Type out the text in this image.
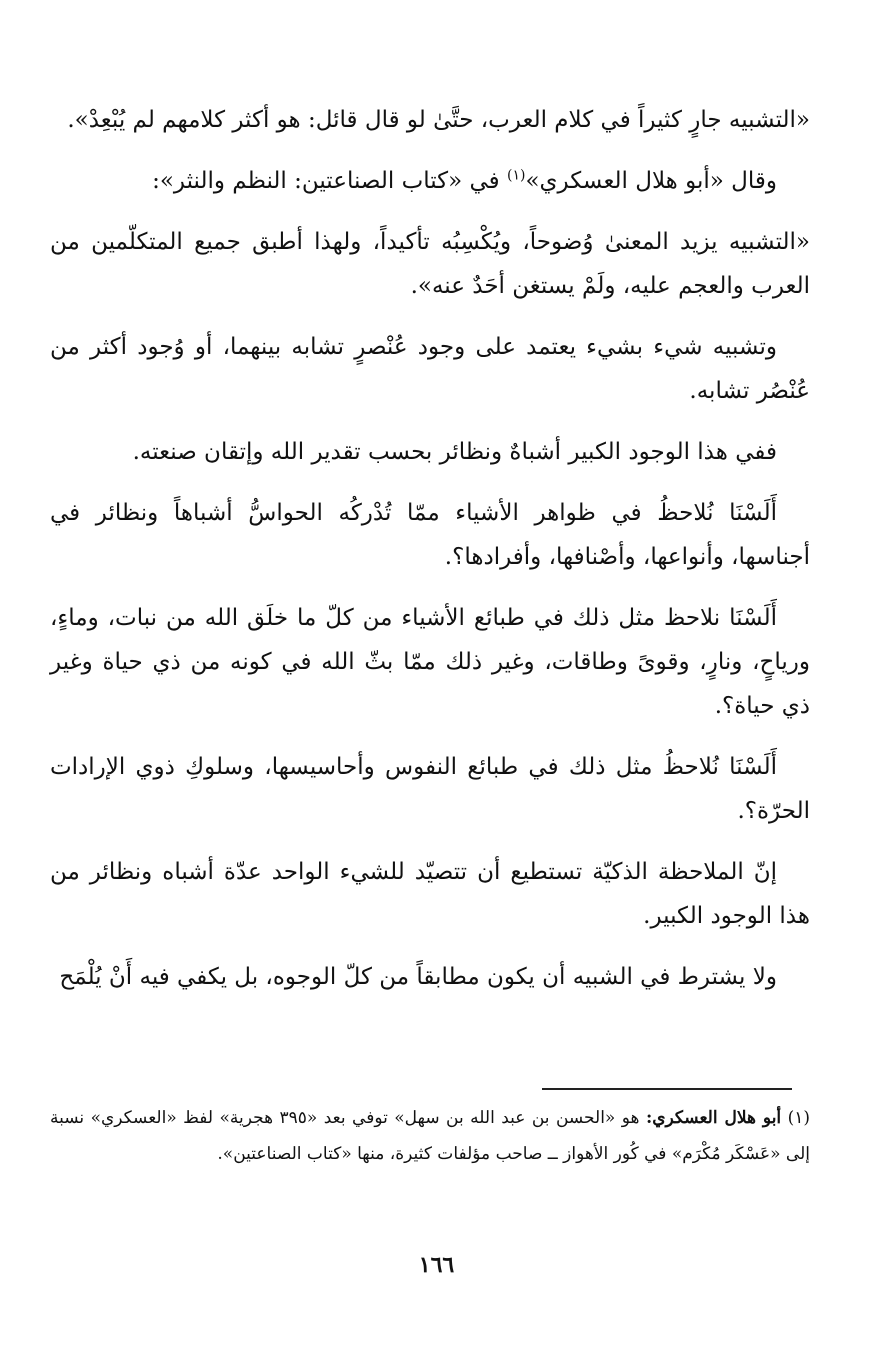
«التشبيه جارٍ كثيراً في كلام العرب، حتَّىٰ لو قال قائل: هو أكثر كلامهم لم يُبْعِدْ».

وقال «أبو هلال العسكري»$^{(١)}$ في «كتاب الصناعتين: النظم والنثر»:

«التشبيه يزيد المعنىٰ وُضوحاً، ويُكْسِبُه تأكيداً، ولهذا أطبق جميع المتكلّمين من العرب والعجم عليه، ولَمْ يستغن أحَدٌ عنه».

وتشبيه شيء بشيء يعتمد على وجود عُنْصرٍ تشابه بينهما، أو وُجود أكثر من عُنْصُر تشابه.

ففي هذا الوجود الكبير أشباهٌ ونظائر بحسب تقدير الله وإتقان صنعته.

أَلَسْنَا نُلاحظُ في ظواهر الأشياء ممّا تُدْركُه الحواسُّ أشباهاً ونظائر في أجناسها، وأنواعها، وأصْنافها، وأفرادها؟.

أَلَسْنَا نلاحظ مثل ذلك في طبائع الأشياء من كلّ ما خلَق الله من نبات، وماءٍ، ورياحٍ، ونارٍ، وقوىً وطاقات، وغير ذلك ممّا بثّ الله في كونه من ذي حياة وغير ذي حياة؟.

أَلَسْنَا نُلاحظُ مثل ذلك في طبائع النفوس وأحاسيسها، وسلوكِ ذوي الإرادات الحرّة؟.

إنّ الملاحظة الذكيّة تستطيع أن تتصيّد للشيء الواحد عدّة أشباه ونظائر من هذا الوجود الكبير.

ولا يشترط في الشبيه أن يكون مطابقاً من كلّ الوجوه، بل يكفي فيه أَنْ يُلْمَح

(١) أبو هلال العسكري: هو «الحسن بن عبد الله بن سهل» توفي بعد «٣٩٥ هجرية» لفظ «العسكري» نسبة إلى «عَسْكَر مُكْرَم» في كُور الأهواز ــ صاحب مؤلفات كثيرة، منها «كتاب الصناعتين».
١٦٦
